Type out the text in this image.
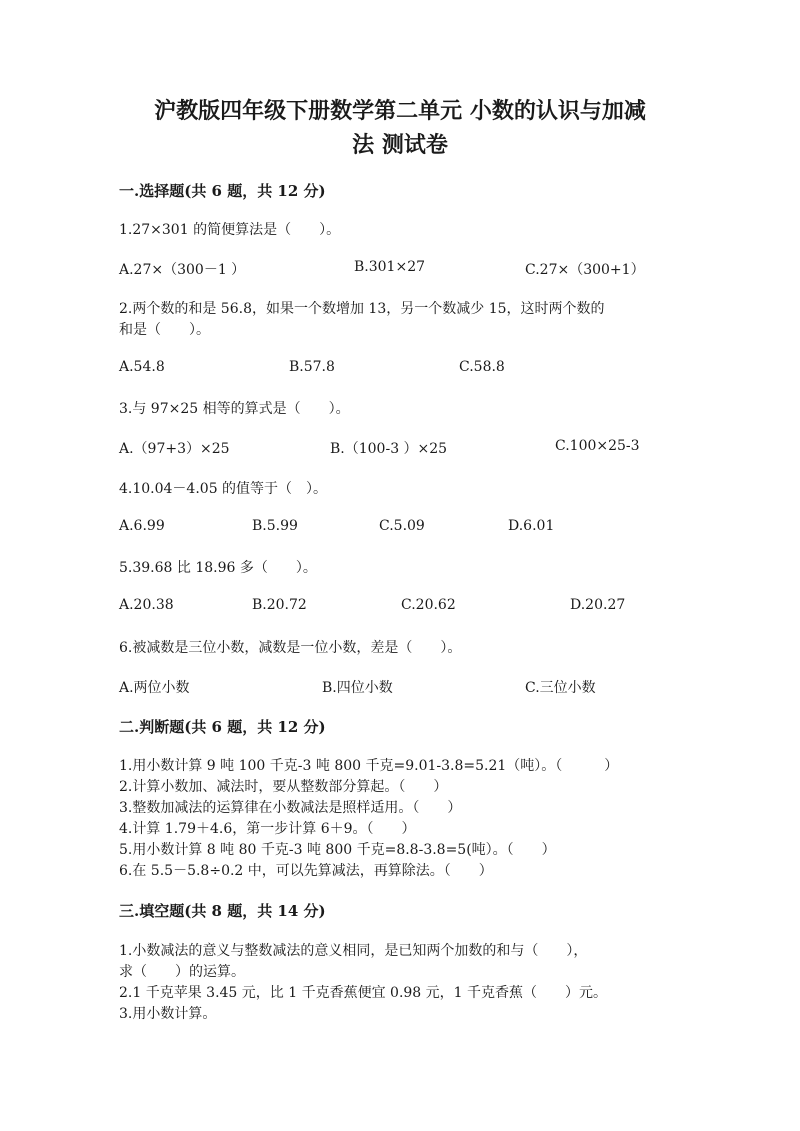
沪教版四年级下册数学第二单元 小数的认识与加减
法 测试卷
一.选择题(共 6 题，共 12 分)
1.27×301 的简便算法是（　　）。
A.27×（300－1 ）	B.301×27	C.27×（300+1）
2.两个数的和是 56.8，如果一个数增加 13，另一个数减少 15，这时两个数的
和是（　　）。
A.54.8	B.57.8	C.58.8
3.与 97×25 相等的算式是（　　）。
A.（97+3）×25	B.（100-3 ）×25	C.100×25-3
4.10.04－4.05 的值等于（　）。
A.6.99	B.5.99	C.5.09	D.6.01
5.39.68 比 18.96 多（　　）。
A.20.38	B.20.72	C.20.62	D.20.27
6.被减数是三位小数，减数是一位小数，差是（　　）。
A.两位小数	B.四位小数	C.三位小数
二.判断题(共 6 题，共 12 分)
1.用小数计算 9 吨 100 千克-3 吨 800 千克=9.01-3.8=5.21（吨）。（　　　）
2.计算小数加、减法时，要从整数部分算起。（　　）
3.整数加减法的运算律在小数减法是照样适用。（　　）
4.计算 1.79＋4.6，第一步计算 6＋9。（　　）
5.用小数计算 8 吨 80 千克-3 吨 800 千克=8.8-3.8=5(吨）。（　　）
6.在 5.5－5.8÷0.2 中，可以先算减法，再算除法。（　　）
三.填空题(共 8 题，共 14 分)
1.小数减法的意义与整数减法的意义相同，是已知两个加数的和与（　　），
求（　　）的运算。
2.1 千克苹果 3.45 元，比 1 千克香蕉便宜 0.98 元，1 千克香蕉（　　）元。
3.用小数计算。
